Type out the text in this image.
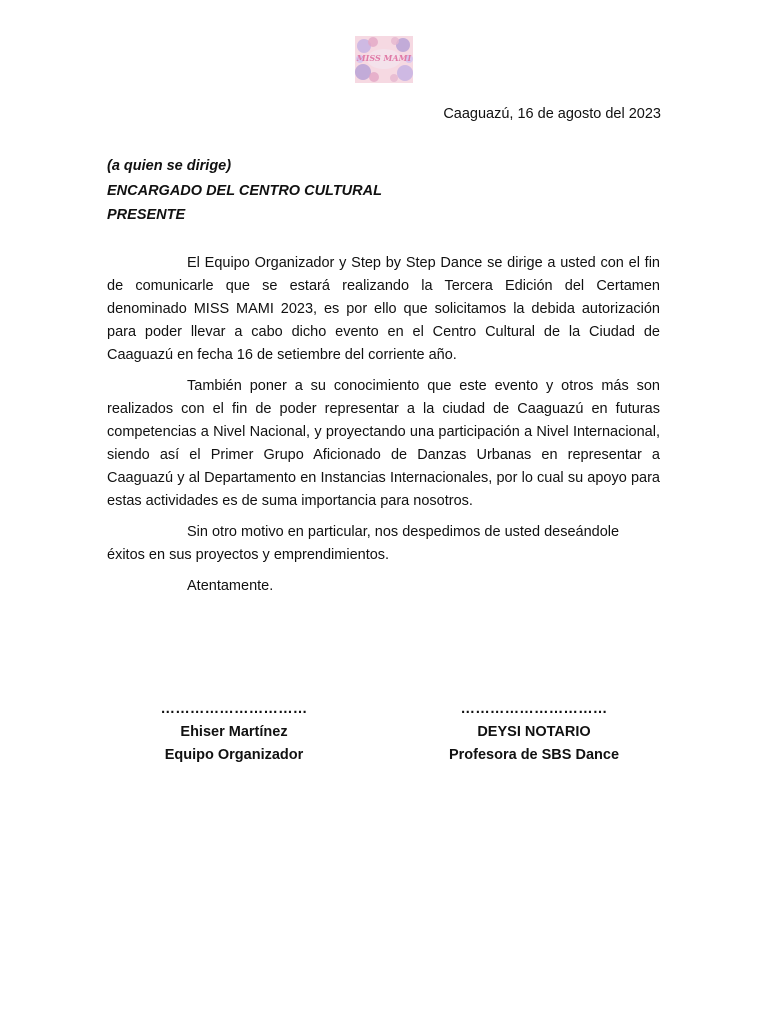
MISS MAMI
Caaguazú, 16 de agosto del 2023
(a quien se dirige)
ENCARGADO DEL CENTRO CULTURAL
PRESENTE

El Equipo Organizador y Step by Step Dance se dirige a usted con el fin de comunicarle que se estará realizando la Tercera Edición del Certamen denominado MISS MAMI 2023, es por ello que solicitamos la debida autorización para poder llevar a cabo dicho evento en el Centro Cultural de la Ciudad de Caaguazú en fecha 16 de setiembre del corriente año.

También poner a su conocimiento que este evento y otros más son realizados con el fin de poder representar a la ciudad de Caaguazú en futuras competencias a Nivel Nacional, y proyectando una participación a Nivel Internacional, siendo así el Primer Grupo Aficionado de Danzas Urbanas en representar a Caaguazú y al Departamento en Instancias Internacionales, por lo cual su apoyo para estas actividades es de suma importancia para nosotros.

Sin otro motivo en particular, nos despedimos de usted deseándole éxitos en sus proyectos y emprendimientos.

Atentamente.

…………………………
Ehiser Martínez
Equipo Organizador
…………………………
DEYSI NOTARIO
Profesora de SBS Dance
